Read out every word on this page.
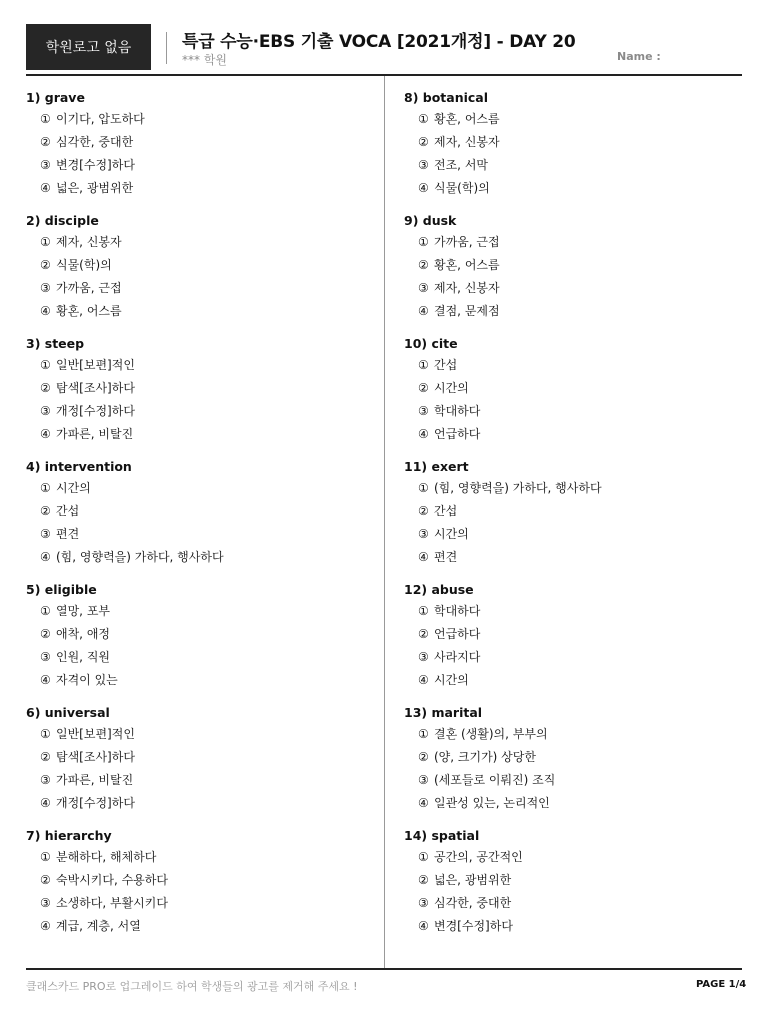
학원로고 없음	특급 수능·EBS 기출 VOCA [2021개정] - DAY 20
*** 학원	Name :
1) grave
① 이기다, 압도하다
② 심각한, 중대한
③ 변경[수정]하다
④ 넓은, 광범위한
2) disciple
① 제자, 신봉자
② 식물(학)의
③ 가까움, 근접
④ 황혼, 어스름
3) steep
① 일반[보편]적인
② 탐색[조사]하다
③ 개정[수정]하다
④ 가파른, 비탈진
4) intervention
① 시간의
② 간섭
③ 편견
④ (힘, 영향력을) 가하다, 행사하다
5) eligible
① 열망, 포부
② 애착, 애정
③ 인원, 직원
④ 자격이 있는
6) universal
① 일반[보편]적인
② 탐색[조사]하다
③ 가파른, 비탈진
④ 개정[수정]하다
7) hierarchy
① 분해하다, 해체하다
② 숙박시키다, 수용하다
③ 소생하다, 부활시키다
④ 계급, 계층, 서열
8) botanical
① 황혼, 어스름
② 제자, 신봉자
③ 전조, 서막
④ 식물(학)의
9) dusk
① 가까움, 근접
② 황혼, 어스름
③ 제자, 신봉자
④ 결점, 문제점
10) cite
① 간섭
② 시간의
③ 학대하다
④ 언급하다
11) exert
① (힘, 영향력을) 가하다, 행사하다
② 간섭
③ 시간의
④ 편견
12) abuse
① 학대하다
② 언급하다
③ 사라지다
④ 시간의
13) marital
① 결혼 (생활)의, 부부의
② (양, 크기가) 상당한
③ (세포들로 이뤄진) 조직
④ 일관성 있는, 논리적인
14) spatial
① 공간의, 공간적인
② 넓은, 광범위한
③ 심각한, 중대한
④ 변경[수정]하다
클래스카드 PRO로 업그레이드 하여 학생들의 광고를 제거해 주세요 !	PAGE 1/4
